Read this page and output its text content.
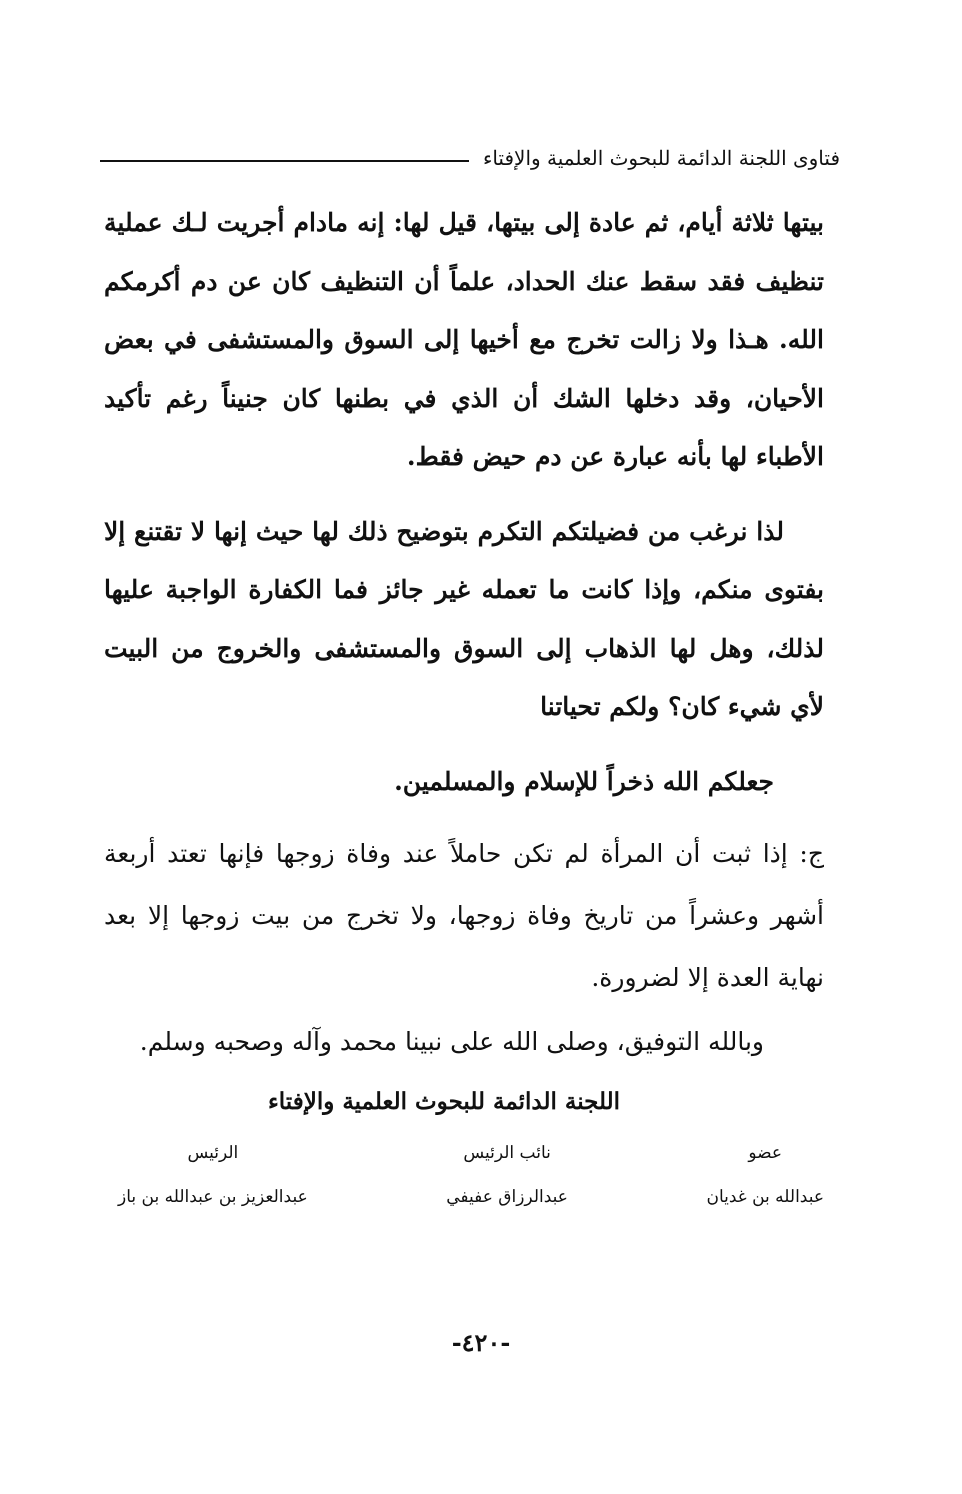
فتاوى اللجنة الدائمة للبحوث العلمية والإفتاء

بيتها ثلاثة أيام، ثم عادة إلى بيتها، قيل لها: إنه مادام أجريت لـك عملية تنظيف فقد سقط عنك الحداد، علماً أن التنظيف كان عن دم أكرمكم الله. هـذا ولا زالت تخرج مع أخيها إلى السوق والمستشفى في بعض الأحيان، وقد دخلها الشك أن الذي في بطنها كان جنيناً رغم تأكيد الأطباء لها بأنه عبارة عن دم حيض فقط.

لذا نرغب من فضيلتكم التكرم بتوضيح ذلك لها حيث إنها لا تقتنع إلا بفتوى منكم، وإذا كانت ما تعمله غير جائز فما الكفارة الواجبة عليها لذلك، وهل لها الذهاب إلى السوق والمستشفى والخروج من البيت لأي شيء كان؟ ولكم تحياتنا

جعلكم الله ذخراً للإسلام والمسلمين.

ج: إذا ثبت أن المرأة لم تكن حاملاً عند وفاة زوجها فإنها تعتد أربعة أشهر وعشراً من تاريخ وفاة زوجها، ولا تخرج من بيت زوجها إلا بعد نهاية العدة إلا لضرورة.

وبالله التوفيق، وصلى الله على نبينا محمد وآله وصحبه وسلم.

اللجنة الدائمة للبحوث العلمية والإفتاء
عضو
عبدالله بن غديان
نائب الرئيس
عبدالرزاق عفيفي
الرئيس
عبدالعزيز بن عبدالله بن باز
-٤٢٠-
